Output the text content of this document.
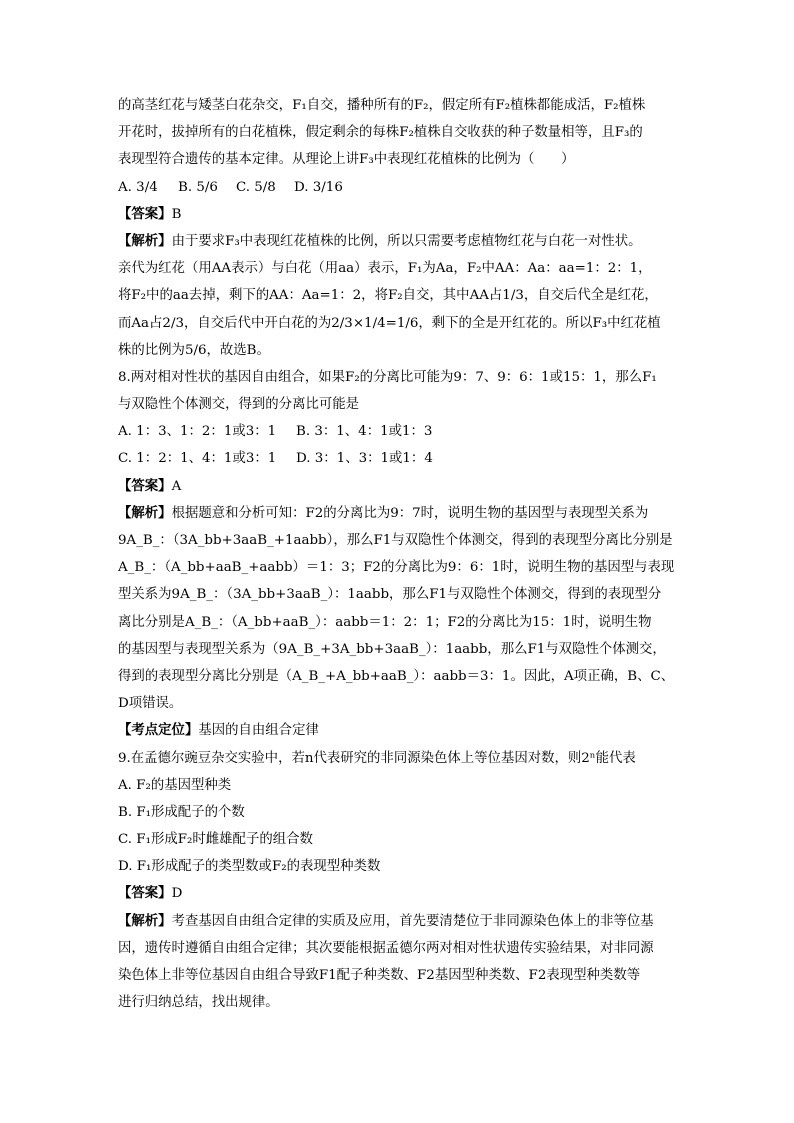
的高茎红花与矮茎白花杂交，F₁自交，播种所有的F₂，假定所有F₂植株都能成活，F₂植株
开花时，拔掉所有的白花植株，假定剩余的每株F₂植株自交收获的种子数量相等，且F₃的
表现型符合遗传的基本定律。从理论上讲F₃中表现红花植株的比例为（　　）
A. 3/4 B. 5/6 C. 5/8 D. 3/16
【答案】B
【解析】由于要求F₃中表现红花植株的比例，所以只需要考虑植物红花与白花一对性状。
亲代为红花（用AA表示）与白花（用aa）表示，F₁为Aa，F₂中AA：Aa：aa=1：2：1，
将F₂中的aa去掉，剩下的AA：Aa=1：2，将F₂自交，其中AA占1/3，自交后代全是红花，
而Aa占2/3，自交后代中开白花的为2/3×1/4=1/6，剩下的全是开红花的。所以F₃中红花植
株的比例为5/6，故选B。
8.两对相对性状的基因自由组合，如果F₂的分离比可能为9：7、9：6：1或15：1，那么F₁
与双隐性个体测交，得到的分离比可能是
A. 1：3、1：2：1或3：1 B. 3：1、4：1或1：3
C. 1：2：1、4：1或3：1 D. 3：1、3：1或1：4
【答案】A
【解析】根据题意和分析可知：F2的分离比为9：7时，说明生物的基因型与表现型关系为
9A_B_：（3A_bb+3aaB_+1aabb），那么F1与双隐性个体测交，得到的表现型分离比分别是
A_B_：（A_bb+aaB_+aabb）＝1：3；F2的分离比为9：6：1时，说明生物的基因型与表现
型关系为9A_B_：（3A_bb+3aaB_）：1aabb，那么F1与双隐性个体测交，得到的表现型分
离比分别是A_B_：（A_bb+aaB_）：aabb＝1：2：1；F2的分离比为15：1时，说明生物
的基因型与表现型关系为（9A_B_+3A_bb+3aaB_）：1aabb，那么F1与双隐性个体测交，
得到的表现型分离比分别是（A_B_+A_bb+aaB_）：aabb＝3：1。因此，A项正确，B、C、
D项错误。
【考点定位】基因的自由组合定律
9.在孟德尔豌豆杂交实验中，若n代表研究的非同源染色体上等位基因对数，则2ⁿ能代表
A. F₂的基因型种类
B. F₁形成配子的个数
C. F₁形成F₂时雌雄配子的组合数
D. F₁形成配子的类型数或F₂的表现型种类数
【答案】D
【解析】考查基因自由组合定律的实质及应用，首先要清楚位于非同源染色体上的非等位基
因，遗传时遵循自由组合定律；其次要能根据孟德尔两对相对性状遗传实验结果，对非同源
染色体上非等位基因自由组合导致F1配子种类数、F2基因型种类数、F2表现型种类数等
进行归纳总结，找出规律。
